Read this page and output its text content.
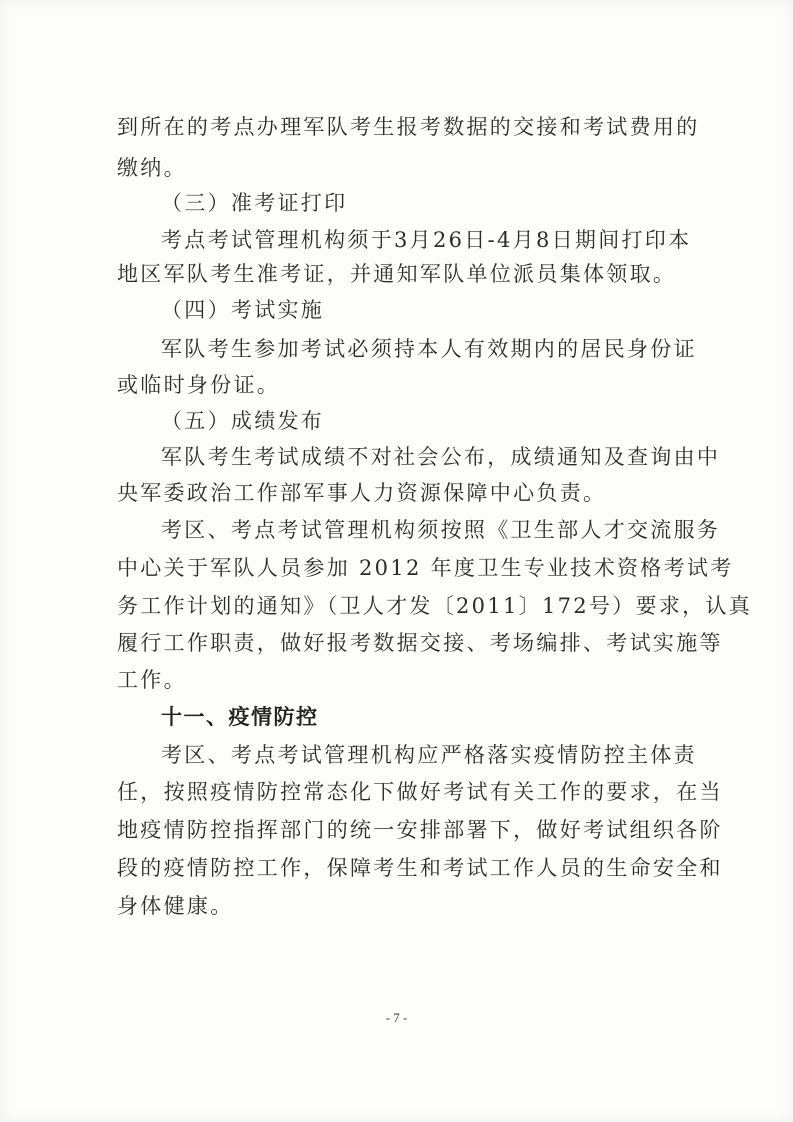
到所在的考点办理军队考生报考数据的交接和考试费用的
缴纳。
（三）准考证打印
考点考试管理机构须于3月26日-4月8日期间打印本
地区军队考生准考证，并通知军队单位派员集体领取。
（四）考试实施
军队考生参加考试必须持本人有效期内的居民身份证
或临时身份证。
（五）成绩发布
军队考生考试成绩不对社会公布，成绩通知及查询由中
央军委政治工作部军事人力资源保障中心负责。
考区、考点考试管理机构须按照《卫生部人才交流服务
中心关于军队人员参加 2012 年度卫生专业技术资格考试考
务工作计划的通知》（卫人才发〔2011〕172号）要求，认真
履行工作职责，做好报考数据交接、考场编排、考试实施等
工作。
十一、疫情防控
考区、考点考试管理机构应严格落实疫情防控主体责
任，按照疫情防控常态化下做好考试有关工作的要求，在当
地疫情防控指挥部门的统一安排部署下，做好考试组织各阶
段的疫情防控工作，保障考生和考试工作人员的生命安全和
身体健康。
- 7 -
